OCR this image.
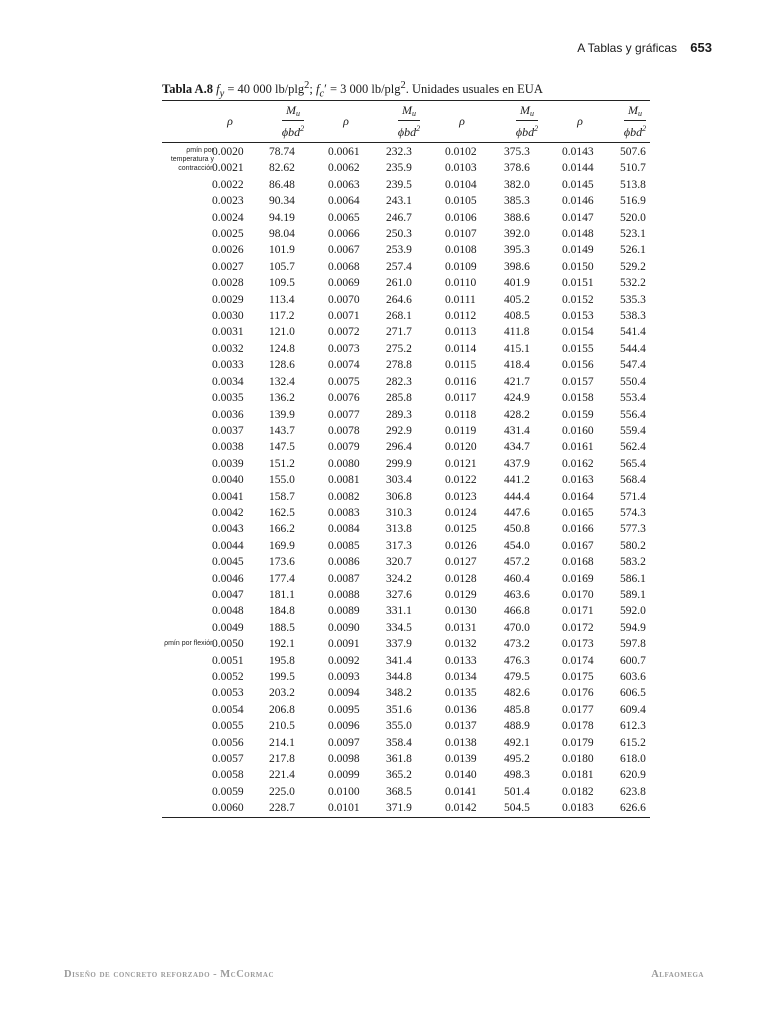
A Tablas y gráficas 653
Tabla A.8 $f_y = 40$ 000 lb/plg$^2$; $f_c' = 3$ 000 lb/plg$^2$. Unidades usuales en EUA
ρ	$\frac{M_u}{\phi bd^2}$	ρ	$\frac{M_u}{\phi bd^2}$	ρ	$\frac{M_u}{\phi bd^2}$	ρ	$\frac{M_u}{\phi bd^2}$
0.0020 78.74	0.0061 232.3	0.0102 375.3	0.0143 507.6
0.0021 82.62	0.0062 235.9	0.0103 378.6	0.0144 510.7
0.0022 86.48	0.0063 239.5	0.0104 382.0	0.0145 513.8
0.0023 90.34	0.0064 243.1	0.0105 385.3	0.0146 516.9
0.0024 94.19	0.0065 246.7	0.0106 388.6	0.0147 520.0
0.0025 98.04	0.0066 250.3	0.0107 392.0	0.0148 523.1
0.0026 101.9	0.0067 253.9	0.0108 395.3	0.0149 526.1
0.0027 105.7	0.0068 257.4	0.0109 398.6	0.0150 529.2
0.0028 109.5	0.0069 261.0	0.0110 401.9	0.0151 532.2
0.0029 113.4	0.0070 264.6	0.0111 405.2	0.0152 535.3
0.0030 117.2	0.0071 268.1	0.0112 408.5	0.0153 538.3
0.0031 121.0	0.0072 271.7	0.0113 411.8	0.0154 541.4
0.0032 124.8	0.0073 275.2	0.0114 415.1	0.0155 544.4
0.0033 128.6	0.0074 278.8	0.0115 418.4	0.0156 547.4
0.0034 132.4	0.0075 282.3	0.0116 421.7	0.0157 550.4
0.0035 136.2	0.0076 285.8	0.0117 424.9	0.0158 553.4
0.0036 139.9	0.0077 289.3	0.0118 428.2	0.0159 556.4
0.0037 143.7	0.0078 292.9	0.0119 431.4	0.0160 559.4
0.0038 147.5	0.0079 296.4	0.0120 434.7	0.0161 562.4
0.0039 151.2	0.0080 299.9	0.0121 437.9	0.0162 565.4
0.0040 155.0	0.0081 303.4	0.0122 441.2	0.0163 568.4
0.0041 158.7	0.0082 306.8	0.0123 444.4	0.0164 571.4
0.0042 162.5	0.0083 310.3	0.0124 447.6	0.0165 574.3
0.0043 166.2	0.0084 313.8	0.0125 450.8	0.0166 577.3
0.0044 169.9	0.0085 317.3	0.0126 454.0	0.0167 580.2
0.0045 173.6	0.0086 320.7	0.0127 457.2	0.0168 583.2
0.0046 177.4	0.0087 324.2	0.0128 460.4	0.0169 586.1
0.0047 181.1	0.0088 327.6	0.0129 463.6	0.0170 589.1
0.0048 184.8	0.0089 331.1	0.0130 466.8	0.0171 592.0
0.0049 188.5	0.0090 334.5	0.0131 470.0	0.0172 594.9
0.0050 192.1	0.0091 337.9	0.0132 473.2	0.0173 597.8
0.0051 195.8	0.0092 341.4	0.0133 476.3	0.0174 600.7
0.0052 199.5	0.0093 344.8	0.0134 479.5	0.0175 603.6
0.0053 203.2	0.0094 348.2	0.0135 482.6	0.0176 606.5
0.0054 206.8	0.0095 351.6	0.0136 485.8	0.0177 609.4
0.0055 210.5	0.0096 355.0	0.0137 488.9	0.0178 612.3
0.0056 214.1	0.0097 358.4	0.0138 492.1	0.0179 615.2
0.0057 217.8	0.0098 361.8	0.0139 495.2	0.0180 618.0
0.0058 221.4	0.0099 365.2	0.0140 498.3	0.0181 620.9
0.0059 225.0	0.0100 368.5	0.0141 501.4	0.0182 623.8
0.0060 228.7	0.0101 371.9	0.0142 504.5	0.0183 626.6
ρmín por temperatura y contracción
ρmín por flexión
Diseño de concreto reforzado - McCormac	Alfaomega
